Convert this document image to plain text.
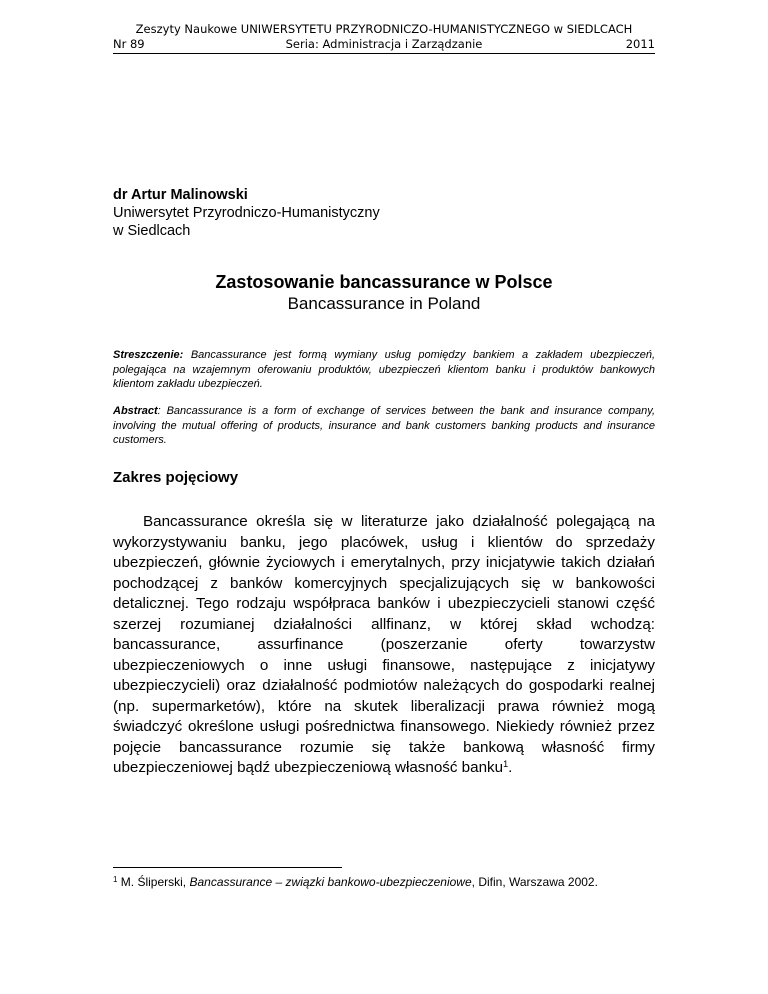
Zeszyty Naukowe UNIWERSYTETU PRZYRODNICZO-HUMANISTYCZNEGO w SIEDLCACH
Nr 89	Seria: Administracja i Zarządzanie	2011
dr Artur Malinowski
Uniwersytet Przyrodniczo-Humanistyczny
w Siedlcach
Zastosowanie bancassurance w Polsce
Bancassurance in Poland
Streszczenie: Bancassurance jest formą wymiany usług pomiędzy bankiem a zakładem ubezpieczeń, polegająca na wzajemnym oferowaniu produktów, ubezpieczeń klientom banku i produktów bankowych klientom zakładu ubezpieczeń.
Abstract: Bancassurance is a form of exchange of services between the bank and insurance company, involving the mutual offering of products, insurance and bank customers banking products and insurance customers.
Zakres pojęciowy
Bancassurance określa się w literaturze jako działalność polegającą na wykorzystywaniu banku, jego placówek, usług i klientów do sprzedaży ubezpieczeń, głównie życiowych i emerytalnych, przy inicjatywie takich działań pochodzącej z banków komercyjnych specjalizujących się w bankowości detalicznej. Tego rodzaju współpraca banków i ubezpieczycieli stanowi część szerzej rozumianej działalności allfinanz, w której skład wchodzą: bancassurance, assurfinance (poszerzanie oferty towarzystw ubezpieczeniowych o inne usługi finansowe, następujące z inicjatywy ubezpieczycieli) oraz działalność podmiotów należących do gospodarki realnej (np. supermarketów), które na skutek liberalizacji prawa również mogą świadczyć określone usługi pośrednictwa finansowego. Niekiedy również przez pojęcie bancassurance rozumie się także bankową własność firmy ubezpieczeniowej bądź ubezpieczeniową własność banku$^1$.
$^1$ M. Śliperski, Bancassurance – związki bankowo-ubezpieczeniowe, Difin, Warszawa 2002.
